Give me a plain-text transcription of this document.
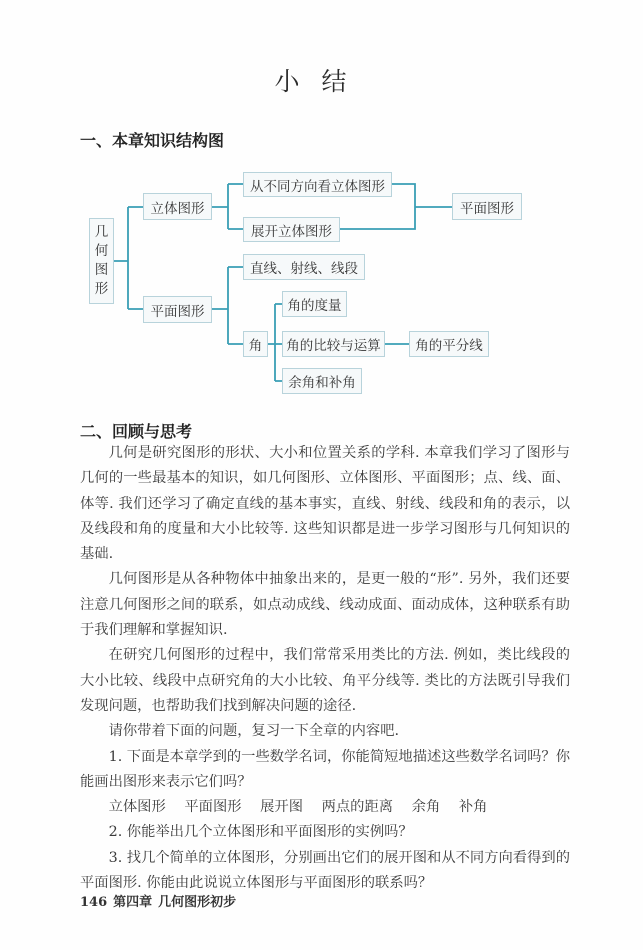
小结
一、本章知识结构图
几
何
图
形
立体图形
从不同方向看立体图形
展开立体图形
平面图形
直线、射线、线段
平面图形
角
角的度量
角的比较与运算	角的平分线
余角和补角
二、回顾与思考

几何是研究图形的形状、大小和位置关系的学科. 本章我们学习了图形与几何的一些最基本的知识，如几何图形、立体图形、平面图形；点、线、面、体等. 我们还学习了确定直线的基本事实，直线、射线、线段和角的表示，以及线段和角的度量和大小比较等. 这些知识都是进一步学习图形与几何知识的基础.

几何图形是从各种物体中抽象出来的，是更一般的“形”. 另外，我们还要注意几何图形之间的联系，如点动成线、线动成面、面动成体，这种联系有助于我们理解和掌握知识.

在研究几何图形的过程中，我们常常采用类比的方法. 例如，类比线段的大小比较、线段中点研究角的大小比较、角平分线等. 类比的方法既引导我们发现问题，也帮助我们找到解决问题的途径.

请你带着下面的问题，复习一下全章的内容吧.

1. 下面是本章学到的一些数学名词，你能简短地描述这些数学名词吗？你能画出图形来表示它们吗？

立体图形 平面图形 展开图 两点的距离 余角 补角

2. 你能举出几个立体图形和平面图形的实例吗？

3. 找几个简单的立体图形，分别画出它们的展开图和从不同方向看得到的平面图形. 你能由此说说立体图形与平面图形的联系吗？

146 第四章 几何图形初步
